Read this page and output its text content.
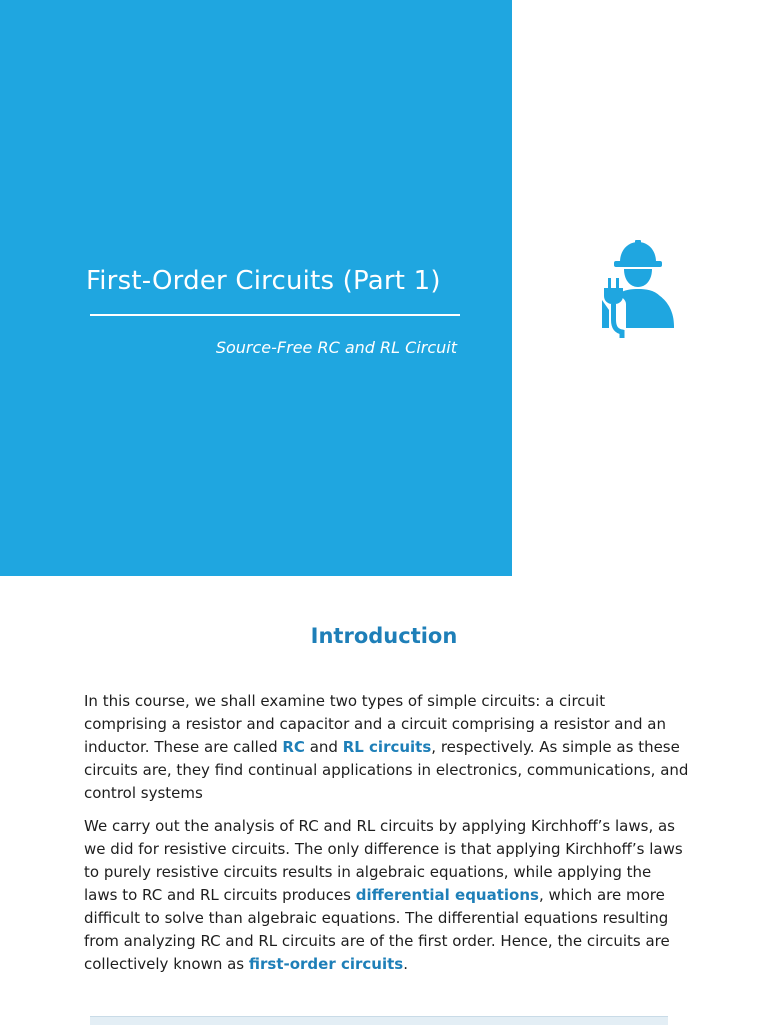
First-Order Circuits (Part 1)
Source-Free RC and RL Circuit
Introduction

In this course, we shall examine two types of simple circuits: a circuit comprising a resistor and capacitor and a circuit comprising a resistor and an inductor. These are called RC and RL circuits, respectively. As simple as these circuits are, they find continual applications in electronics, communications, and control systems

We carry out the analysis of RC and RL circuits by applying Kirchhoff’s laws, as we did for resistive circuits. The only difference is that applying Kirchhoff’s laws to purely resistive circuits results in algebraic equations, while applying the laws to RC and RL circuits produces differential equations, which are more difficult to solve than algebraic equations. The differential equations resulting from analyzing RC and RL circuits are of the first order. Hence, the circuits are collectively known as first-order circuits.
